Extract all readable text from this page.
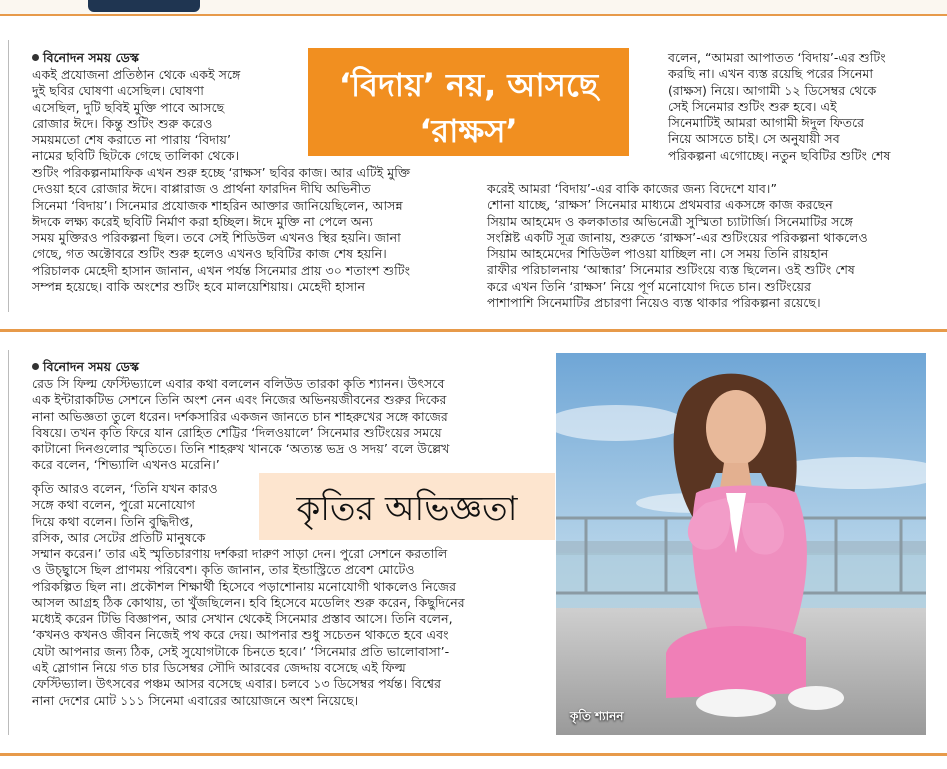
বিনোদন সময় ডেস্ক
‘বিদায়’ নয়, আসছে
‘রাক্ষস’
একই প্রযোজনা প্রতিষ্ঠান থেকে একই সঙ্গে
দুই ছবির ঘোষণা এসেছিল। ঘোষণা
এসেছিল, দুটি ছবিই মুক্তি পাবে আসছে
রোজার ঈদে। কিন্তু শুটিং শুরু করেও
সময়মতো শেষ করাতে না পারায় ‘বিদায়’
নামের ছবিটি ছিটকে গেছে তালিকা থেকে।
শুটিং পরিকল্পনামাফিক এখন শুরু হচ্ছে ‘রাক্ষস’ ছবির কাজ। আর এটিই মুক্তি
দেওয়া হবে রোজার ঈদে। বাপ্পারাজ ও প্রার্থনা ফারদিন দীঘি অভিনীত
সিনেমা ‘বিদায়’। সিনেমার প্রযোজক শাহরিন আক্তার জানিয়েছিলেন, আসন্ন
ঈদকে লক্ষ্য করেই ছবিটি নির্মাণ করা হচ্ছিল। ঈদে মুক্তি না পেলে অন্য
সময় মুক্তিরও পরিকল্পনা ছিল। তবে সেই শিডিউল এখনও স্থির হয়নি। জানা
গেছে, গত অক্টোবরে শুটিং শুরু হলেও এখনও ছবিটির কাজ শেষ হয়নি।
পরিচালক মেহেদী হাসান জানান, এখন পর্যন্ত সিনেমার প্রায় ৩০ শতাংশ শুটিং
সম্পন্ন হয়েছে। বাকি অংশের শুটিং হবে মালয়েশিয়ায়। মেহেদী হাসান
বলেন, “আমরা আপাতত ‘বিদায়’-এর শুটিং
করছি না। এখন ব্যস্ত রয়েছি পরের সিনেমা
(রাক্ষস) নিয়ে। আগামী ১২ ডিসেম্বর থেকে
সেই সিনেমার শুটিং শুরু হবে। এই
সিনেমাটিই আমরা আগামী ঈদুল ফিতরে
নিয়ে আসতে চাই। সে অনুযায়ী সব
পরিকল্পনা এগোচ্ছে। নতুন ছবিটির শুটিং শেষ
করেই আমরা ‘বিদায়’-এর বাকি কাজের জন্য বিদেশে যাব।”
শোনা যাচ্ছে, ‘রাক্ষস’ সিনেমার মাধ্যমে প্রথমবার একসঙ্গে কাজ করছেন
সিয়াম আহমেদ ও কলকাতার অভিনেত্রী সুস্মিতা চ্যাটার্জি। সিনেমাটির সঙ্গে
সংশ্লিষ্ট একটি সূত্র জানায়, শুরুতে ‘রাক্ষস’-এর শুটিংয়ের পরিকল্পনা থাকলেও
সিয়াম আহমেদের শিডিউল পাওয়া যাচ্ছিল না। সে সময় তিনি রায়হান
রাফীর পরিচালনায় ‘আন্ধার’ সিনেমার শুটিংয়ে ব্যস্ত ছিলেন। ওই শুটিং শেষ
করে এখন তিনি ‘রাক্ষস’ নিয়ে পূর্ণ মনোযোগ দিতে চান। শুটিংয়ের
পাশাপাশি সিনেমাটির প্রচারণা নিয়েও ব্যস্ত থাকার পরিকল্পনা রয়েছে।
বিনোদন সময় ডেস্ক
রেড সি ফিল্ম ফেস্টিভ্যালে এবার কথা বললেন বলিউড তারকা কৃতি শ্যানন। উৎসবে
এক ইন্টারাকটিভ সেশনে তিনি অংশ নেন এবং নিজের অভিনয়জীবনের শুরুর দিকের
নানা অভিজ্ঞতা তুলে ধরেন। দর্শকসারির একজন জানতে চান শাহরুখের সঙ্গে কাজের
বিষয়ে। তখন কৃতি ফিরে যান রোহিত শেট্টির ‘দিলওয়ালে’ সিনেমার শুটিংয়ের সময়ে
কাটানো দিনগুলোর স্মৃতিতে। তিনি শাহরুখ খানকে ‘অত্যন্ত ভদ্র ও সদয়’ বলে উল্লেখ
করে বলেন, ‘শিভ্যালি এখনও মরেনি।’
কৃতি আরও বলেন, ‘তিনি যখন কারও
সঙ্গে কথা বলেন, পুরো মনোযোগ
দিয়ে কথা বলেন। তিনি বুদ্ধিদীপ্ত,
রসিক, আর সেটের প্রতিটি মানুষকে
কৃতির অভিজ্ঞতা
সম্মান করেন।’ তার এই স্মৃতিচারণায় দর্শকরা দারুণ সাড়া দেন। পুরো সেশনে করতালি
ও উচ্ছ্বাসে ছিল প্রাণময় পরিবেশ। কৃতি জানান, তার ইন্ডাস্ট্রিতে প্রবেশ মোটেও
পরিকল্পিত ছিল না। প্রকৌশল শিক্ষার্থী হিসেবে পড়াশোনায় মনোযোগী থাকলেও নিজের
আসল আগ্রহ ঠিক কোথায়, তা খুঁজছিলেন। হবি হিসেবে মডেলিং শুরু করেন, কিছুদিনের
মধ্যেই করেন টিভি বিজ্ঞাপন, আর সেখান থেকেই সিনেমার প্রস্তাব আসে। তিনি বলেন,
‘কখনও কখনও জীবন নিজেই পথ করে দেয়। আপনার শুধু সচেতন থাকতে হবে এবং
যেটা আপনার জন্য ঠিক, সেই সুযোগটাকে চিনতে হবে।’ ‘সিনেমার প্রতি ভালোবাসা’-
এই স্লোগান নিয়ে গত চার ডিসেম্বর সৌদি আরবের জেদ্দায় বসেছে এই ফিল্ম
ফেস্টিভ্যাল। উৎসবের পঞ্চম আসর বসেছে এবার। চলবে ১৩ ডিসেম্বর পর্যন্ত। বিশ্বের
নানা দেশের মোট ১১১ সিনেমা এবারের আয়োজনে অংশ নিয়েছে।
কৃতি শ্যানন
